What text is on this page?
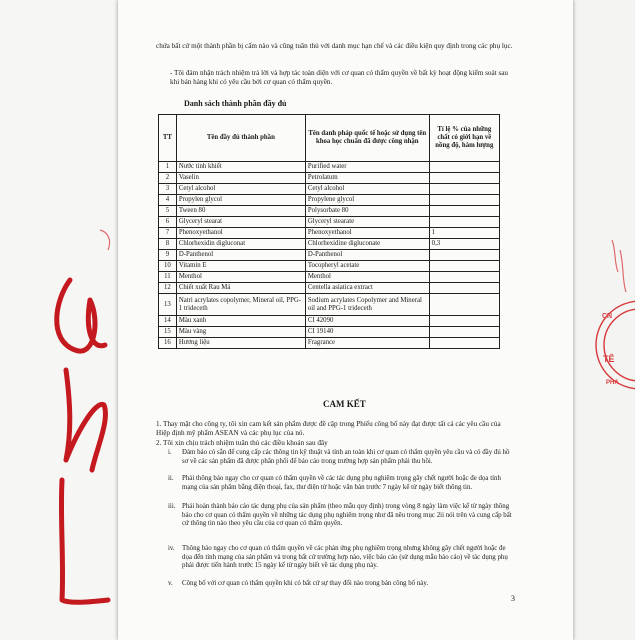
chứa bất cứ một thành phần bị cấm nào và cũng tuân thủ với danh mục hạn chế và các điều kiện quy định trong các phụ lục.
- Tôi đảm nhận trách nhiệm trả lời và hợp tác toàn diện với cơ quan có thẩm quyền về bất kỳ hoạt động kiểm soát sau khi bán hàng khi có yêu cầu bởi cơ quan có thẩm quyền.
Danh sách thành phần đầy đủ
TT	Tên đầy đủ thành phần	Tên danh pháp quốc tế hoặc sử dụng tên khoa học chuẩn đã được công nhận	Tỉ lệ % của những chất có giới hạn về nồng độ, hàm lượng
1	Nước tinh khiết	Purified water	
2	Vaselin	Petrolatum	
3	Cetyl alcohol	Cetyl alcohol	
4	Propylen glycol	Propylene glycol	
5	Tween 80	Polysorbate 80	
6	Glyceryl stearat	Glyceryl stearate	
7	Phenoxyethanol	Phenoxyethanol	1
8	Chlorhexidin digluconat	Chlorhexidine digluconate	0,3
9	D-Panthenol	D-Panthenol	
10	Vitamin E	Tocopheryl acetate	
11	Menthol	Menthol	
12	Chiết xuất Rau Má	Centella asiatica extract	
13	Natri acrylates copolymer, Mineral oil, PPG-1 trideceth	Sodium acrylates Copolymer and Mineral oil and PPG-1 trideceth	
14	Màu xanh	CI 42090	
15	Màu vàng	CI 19140	
16	Hương liệu	Fragrance	
CAM KẾT
1. Thay mặt cho công ty, tôi xin cam kết sản phẩm được đề cập trong Phiếu công bố này đạt được tất cả các yêu cầu của Hiệp định mỹ phẩm ASEAN và các phụ lục của nó.
2. Tôi xin chịu trách nhiệm tuân thủ các điều khoản sau đây
i. Đảm bảo có sẵn để cung cấp các thông tin kỹ thuật và tính an toàn khi cơ quan có thẩm quyền yêu cầu và có đầy đủ hồ sơ về các sản phẩm đã được phân phối để báo cáo trong trường hợp sản phẩm phải thu hồi.
ii. Phải thông báo ngay cho cơ quan có thẩm quyền về các tác dụng phụ nghiêm trọng gây chết người hoặc đe dọa tính mạng của sản phẩm bằng điện thoại, fax, thư điện tử hoặc văn bản trước 7 ngày kể từ ngày biết thông tin.
iii. Phải hoàn thành báo cáo tác dụng phụ của sản phẩm (theo mẫu quy định) trong vòng 8 ngày làm việc kể từ ngày thông báo cho cơ quan có thẩm quyền về những tác dụng phụ nghiêm trọng như đã nêu trong mục 2ii nói trên và cung cấp bất cứ thông tin nào theo yêu cầu của cơ quan có thẩm quyền.
iv. Thông báo ngay cho cơ quan có thẩm quyền về các phản ứng phụ nghiêm trọng nhưng không gây chết người hoặc đe dọa đến tính mạng của sản phẩm và trong bất cứ trường hợp nào, việc báo cáo (sử dụng mẫu báo cáo) về tác dụng phụ phải được tiến hành trước 15 ngày kể từ ngày biết về tác dụng phụ này.
v. Công bố với cơ quan có thẩm quyền khi có bất cứ sự thay đổi nào trong bản công bố này.
3
CN
TÊ
PHA
